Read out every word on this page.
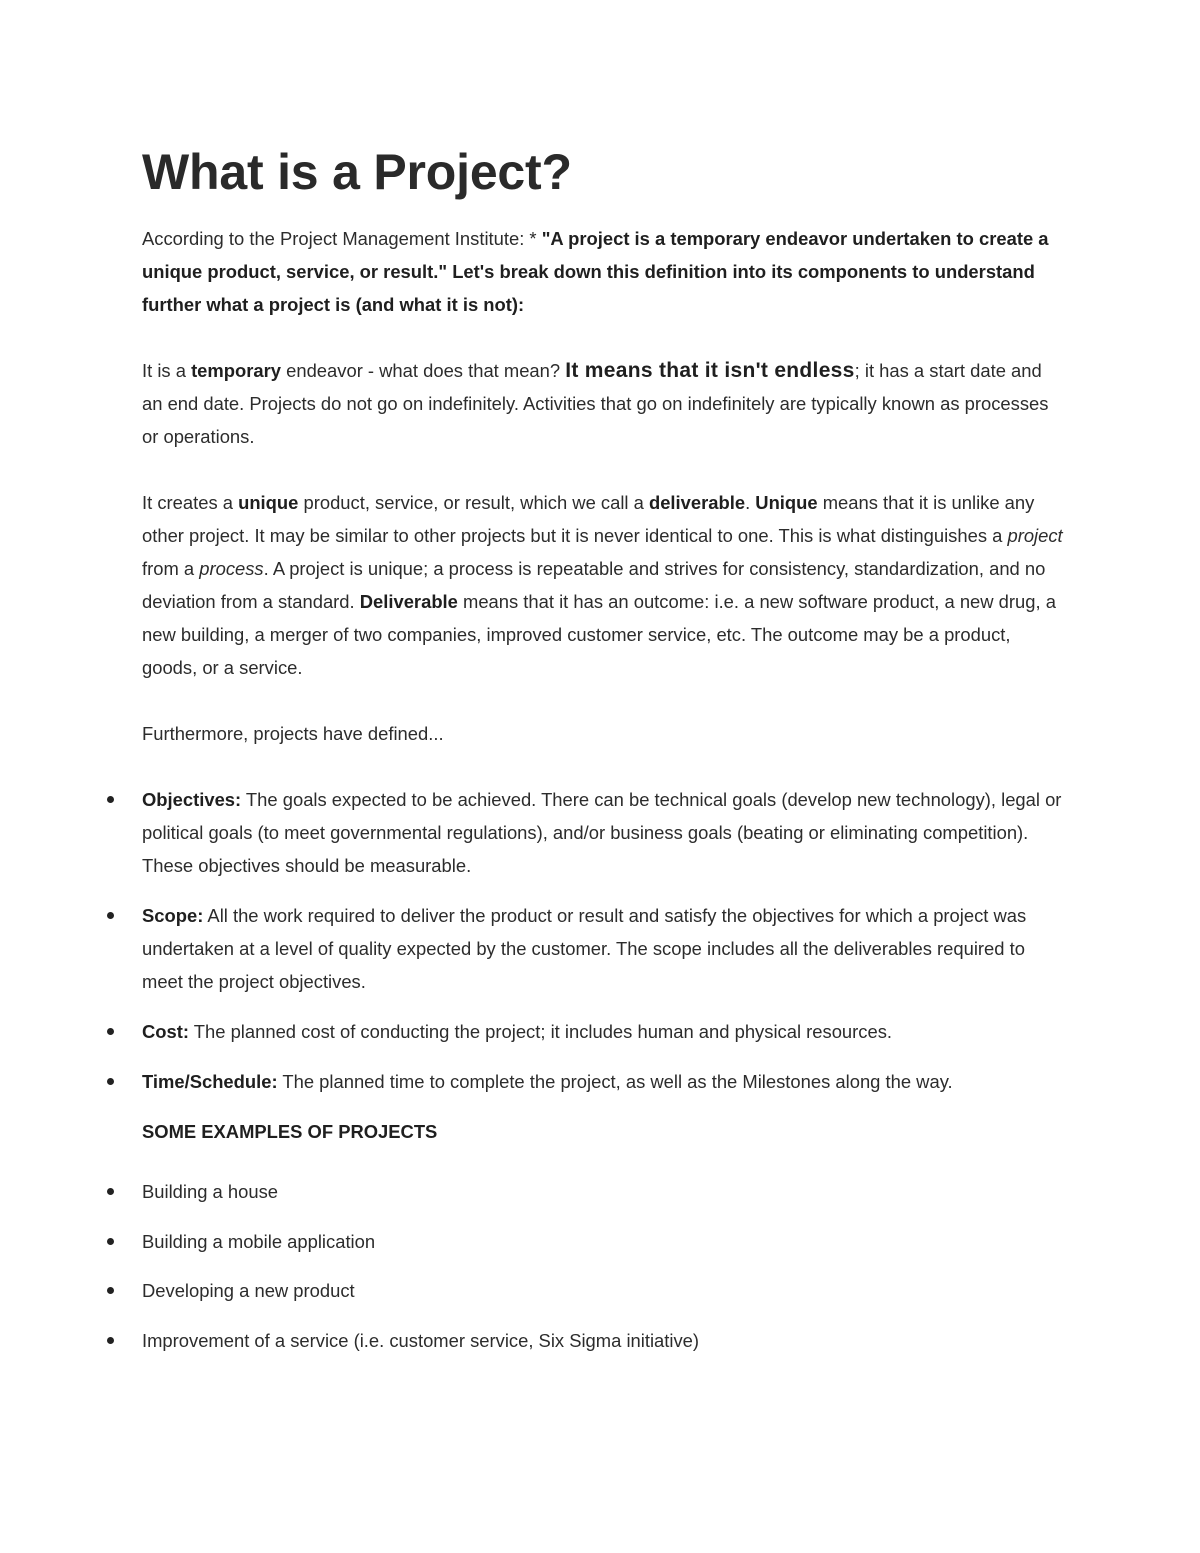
What is a Project?

According to the Project Management Institute: * "A project is a temporary endeavor undertaken to create a unique product, service, or result." Let's break down this definition into its components to understand further what a project is (and what it is not):

It is a temporary endeavor - what does that mean? It means that it isn't endless; it has a start date and an end date. Projects do not go on indefinitely. Activities that go on indefinitely are typically known as processes or operations.

It creates a unique product, service, or result, which we call a deliverable. Unique means that it is unlike any other project. It may be similar to other projects but it is never identical to one. This is what distinguishes a project from a process. A project is unique; a process is repeatable and strives for consistency, standardization, and no deviation from a standard. Deliverable means that it has an outcome: i.e. a new software product, a new drug, a new building, a merger of two companies, improved customer service, etc. The outcome may be a product, goods, or a service.

Furthermore, projects have defined...

Objectives: The goals expected to be achieved. There can be technical goals (develop new technology), legal or political goals (to meet governmental regulations), and/or business goals (beating or eliminating competition). These objectives should be measurable.
Scope: All the work required to deliver the product or result and satisfy the objectives for which a project was undertaken at a level of quality expected by the customer. The scope includes all the deliverables required to meet the project objectives.
Cost: The planned cost of conducting the project; it includes human and physical resources.
Time/Schedule: The planned time to complete the project, as well as the Milestones along the way.
SOME EXAMPLES OF PROJECTS
Building a house
Building a mobile application
Developing a new product
Improvement of a service (i.e. customer service, Six Sigma initiative)
